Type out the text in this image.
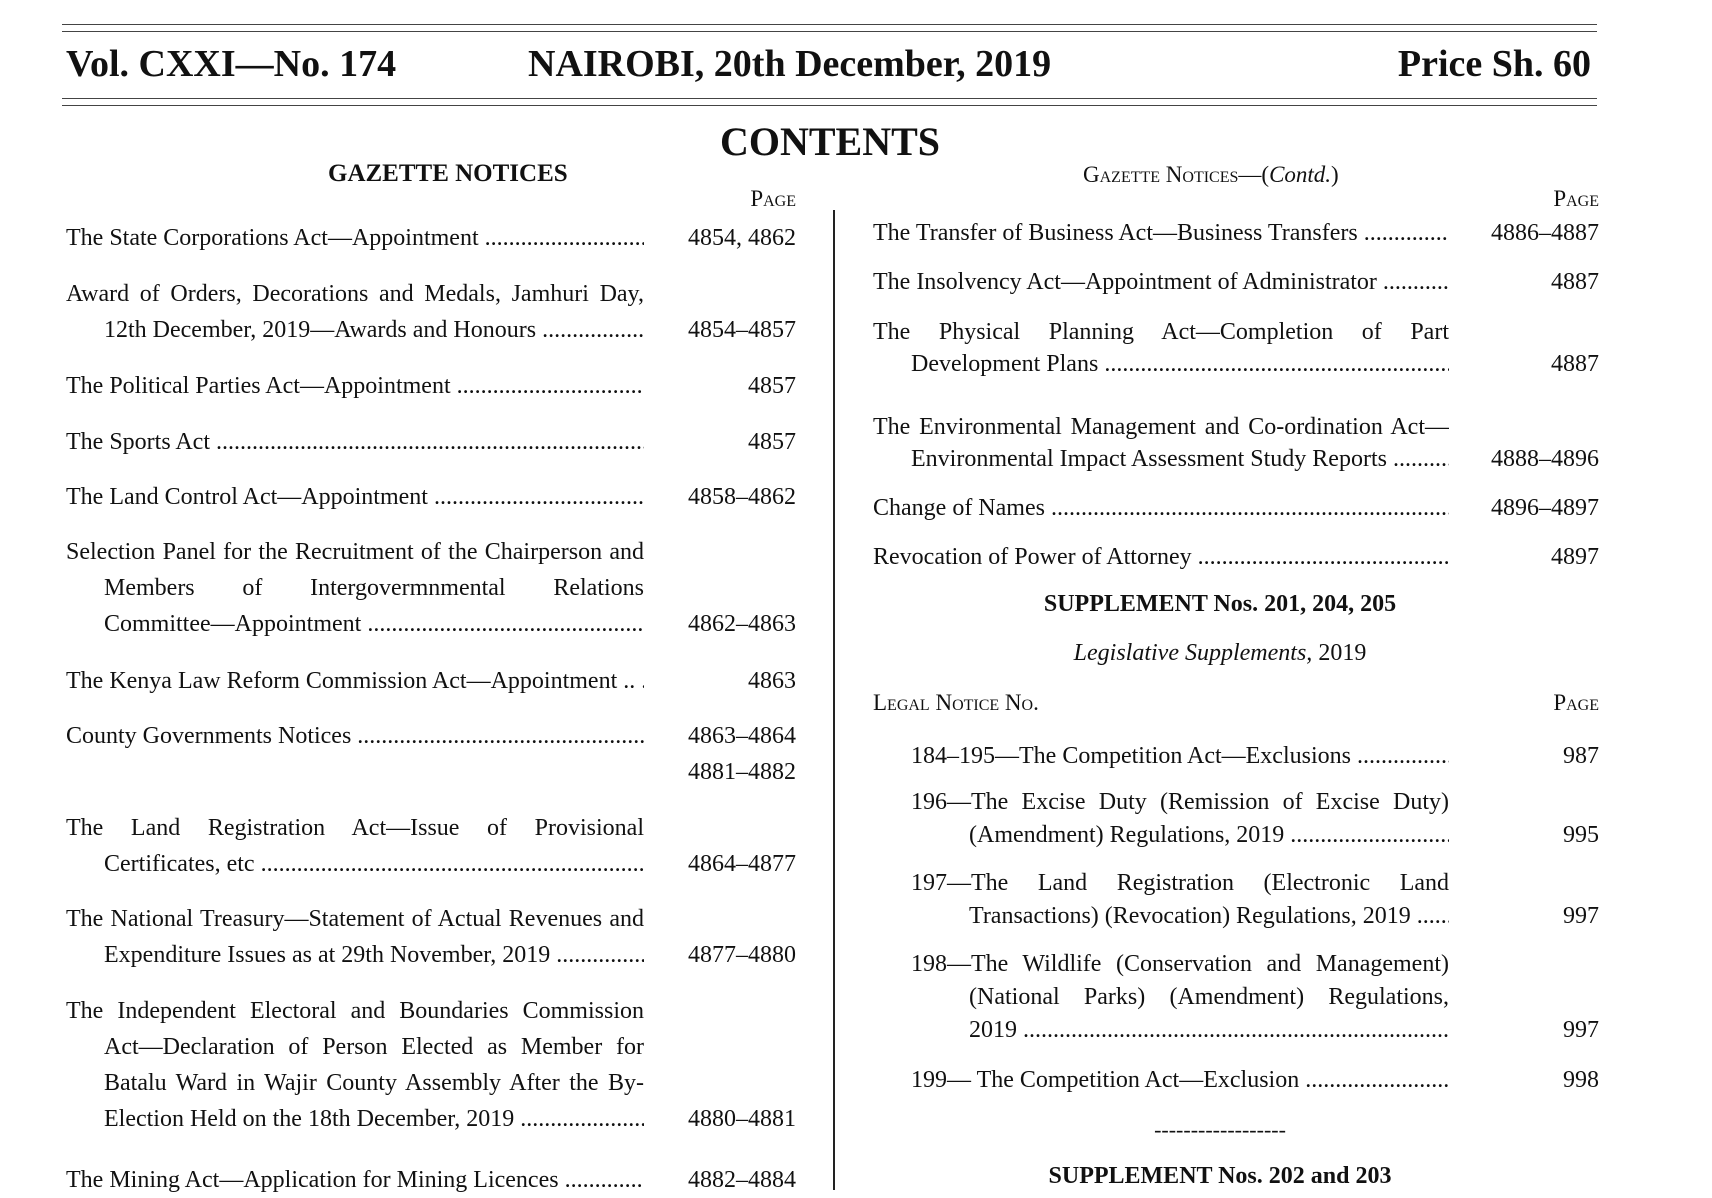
Vol. CXXI—No. 174	NAIROBI, 20th December, 2019	Price Sh. 60
CONTENTS
GAZETTE NOTICES
Page
The State Corporations Act—Appointment .....	4854, 4862
Award of Orders, Decorations and Medals, Jamhuri Day,
12th December, 2019—Awards and Honours .....	4854–4857
The Political Parties Act—Appointment .....	4857
The Sports Act .....	4857
The Land Control Act—Appointment .....	4858–4862
Selection Panel for the Recruitment of the Chairperson and
Members of Intergovermnmental Relations
Committee—Appointment .....	4862–4863
The Kenya Law Reform Commission Act—Appointment .. .....	4863
County Governments Notices .....	4863–4864
4881–4882
The Land Registration Act—Issue of Provisional
Certificates, etc .....	4864–4877
The National Treasury—Statement of Actual Revenues and
Expenditure Issues as at 29th November, 2019 .....	4877–4880
The Independent Electoral and Boundaries Commission
Act—Declaration of Person Elected as Member for
Batalu Ward in Wajir County Assembly After the By-
Election Held on the 18th December, 2019 .....	4880–4881
The Mining Act—Application for Mining Licences .....	4882–4884
Gazette Notices—(Contd.)
Page
The Transfer of Business Act—Business Transfers .....	4886–4887
The Insolvency Act—Appointment of Administrator .....	4887
The Physical Planning Act—Completion of Part
Development Plans .....	4887
The Environmental Management and Co-ordination Act—
Environmental Impact Assessment Study Reports .....	4888–4896
Change of Names .....	4896–4897
Revocation of Power of Attorney .....	4897
SUPPLEMENT Nos. 201, 204, 205
Legislative Supplements, 2019
Legal Notice No.	Page
184–195—The Competition Act—Exclusions .....	987
196—The Excise Duty (Remission of Excise Duty)
(Amendment) Regulations, 2019 .....	995
197—The Land Registration (Electronic Land
Transactions) (Revocation) Regulations, 2019 .....	997
198—The Wildlife (Conservation and Management)
(National Parks) (Amendment) Regulations,
2019 .....	997
199— The Competition Act—Exclusion .....	998
------------------
SUPPLEMENT Nos. 202 and 203
